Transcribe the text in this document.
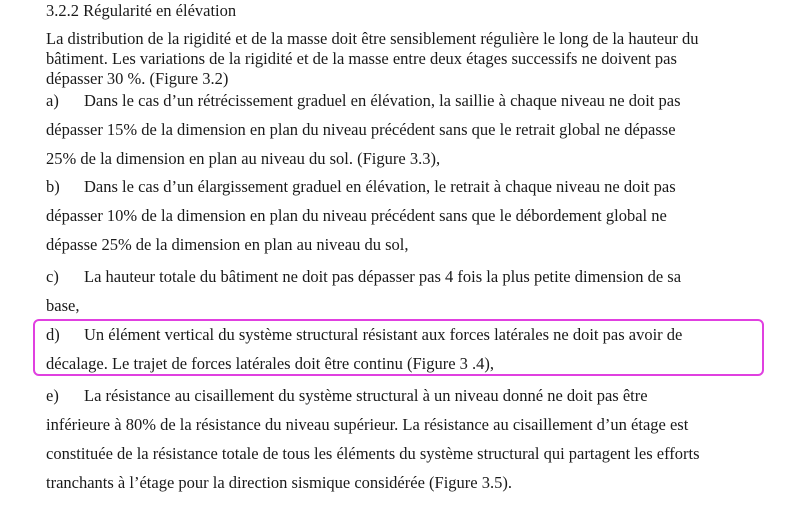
3.2.2 Régularité en élévation
La distribution de la rigidité et de la masse doit être sensiblement régulière le long de la hauteur du
bâtiment. Les variations de la rigidité et de la masse entre deux étages successifs ne doivent pas
dépasser 30 %. (Figure 3.2)
a) Dans le cas d’un rétrécissement graduel en élévation, la saillie à chaque niveau ne doit pas
dépasser 15% de la dimension en plan du niveau précédent sans que le retrait global ne dépasse
25% de la dimension en plan au niveau du sol. (Figure 3.3),
b) Dans le cas d’un élargissement graduel en élévation, le retrait à chaque niveau ne doit pas
dépasser 10% de la dimension en plan du niveau précédent sans que le débordement global ne
dépasse 25% de la dimension en plan au niveau du sol,
c) La hauteur totale du bâtiment ne doit pas dépasser pas 4 fois la plus petite dimension de sa
base,
d) Un élément vertical du système structural résistant aux forces latérales ne doit pas avoir de
décalage. Le trajet de forces latérales doit être continu (Figure 3 .4),
e) La résistance au cisaillement du système structural à un niveau donné ne doit pas être
inférieure à 80% de la résistance du niveau supérieur. La résistance au cisaillement d’un étage est
constituée de la résistance totale de tous les éléments du système structural qui partagent les efforts
tranchants à l’étage pour la direction sismique considérée (Figure 3.5).
